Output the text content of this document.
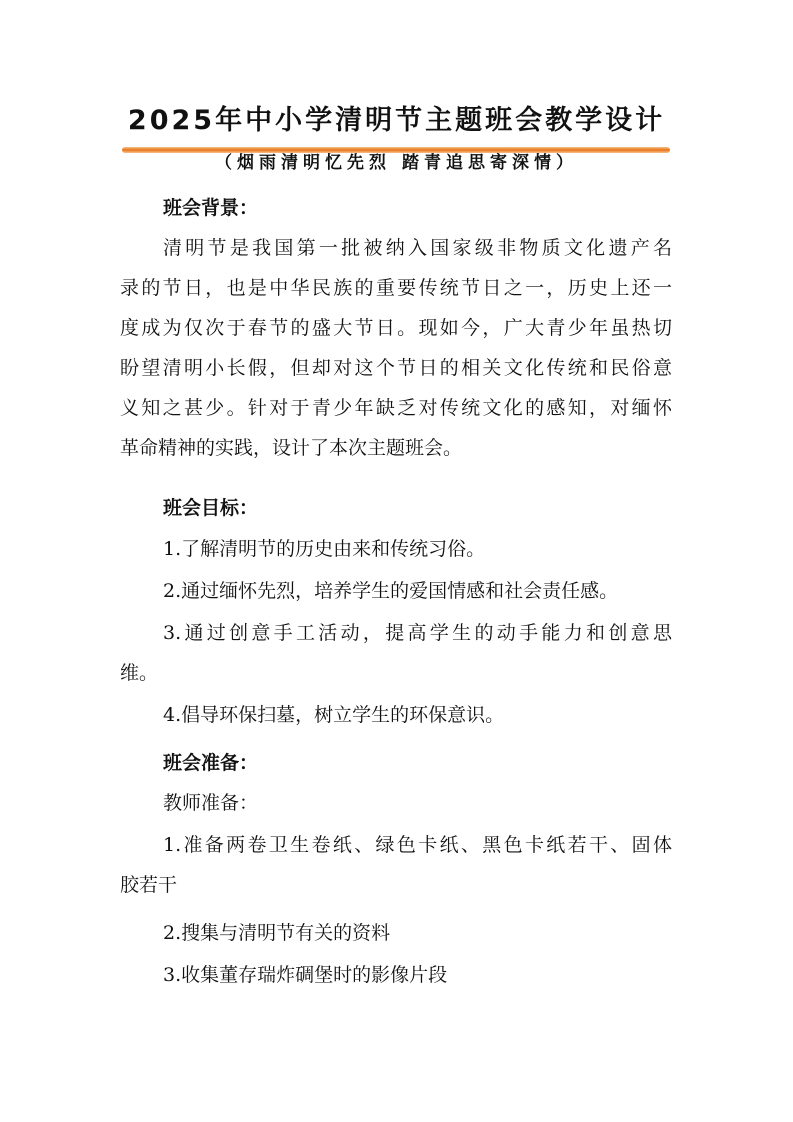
2025年中小学清明节主题班会教学设计
（烟雨清明忆先烈 踏青追思寄深情）
班会背景：
清明节是我国第一批被纳入国家级非物质文化遗产名
录的节日，也是中华民族的重要传统节日之一，历史上还一
度成为仅次于春节的盛大节日。现如今，广大青少年虽热切
盼望清明小长假，但却对这个节日的相关文化传统和民俗意
义知之甚少。针对于青少年缺乏对传统文化的感知，对缅怀
革命精神的实践，设计了本次主题班会。
班会目标：
1.了解清明节的历史由来和传统习俗。
2.通过缅怀先烈，培养学生的爱国情感和社会责任感。
3.通过创意手工活动，提高学生的动手能力和创意思
维。
4.倡导环保扫墓，树立学生的环保意识。
班会准备：
教师准备：
1.准备两卷卫生卷纸、绿色卡纸、黑色卡纸若干、固体
胶若干
2.搜集与清明节有关的资料
3.收集董存瑞炸碉堡时的影像片段
